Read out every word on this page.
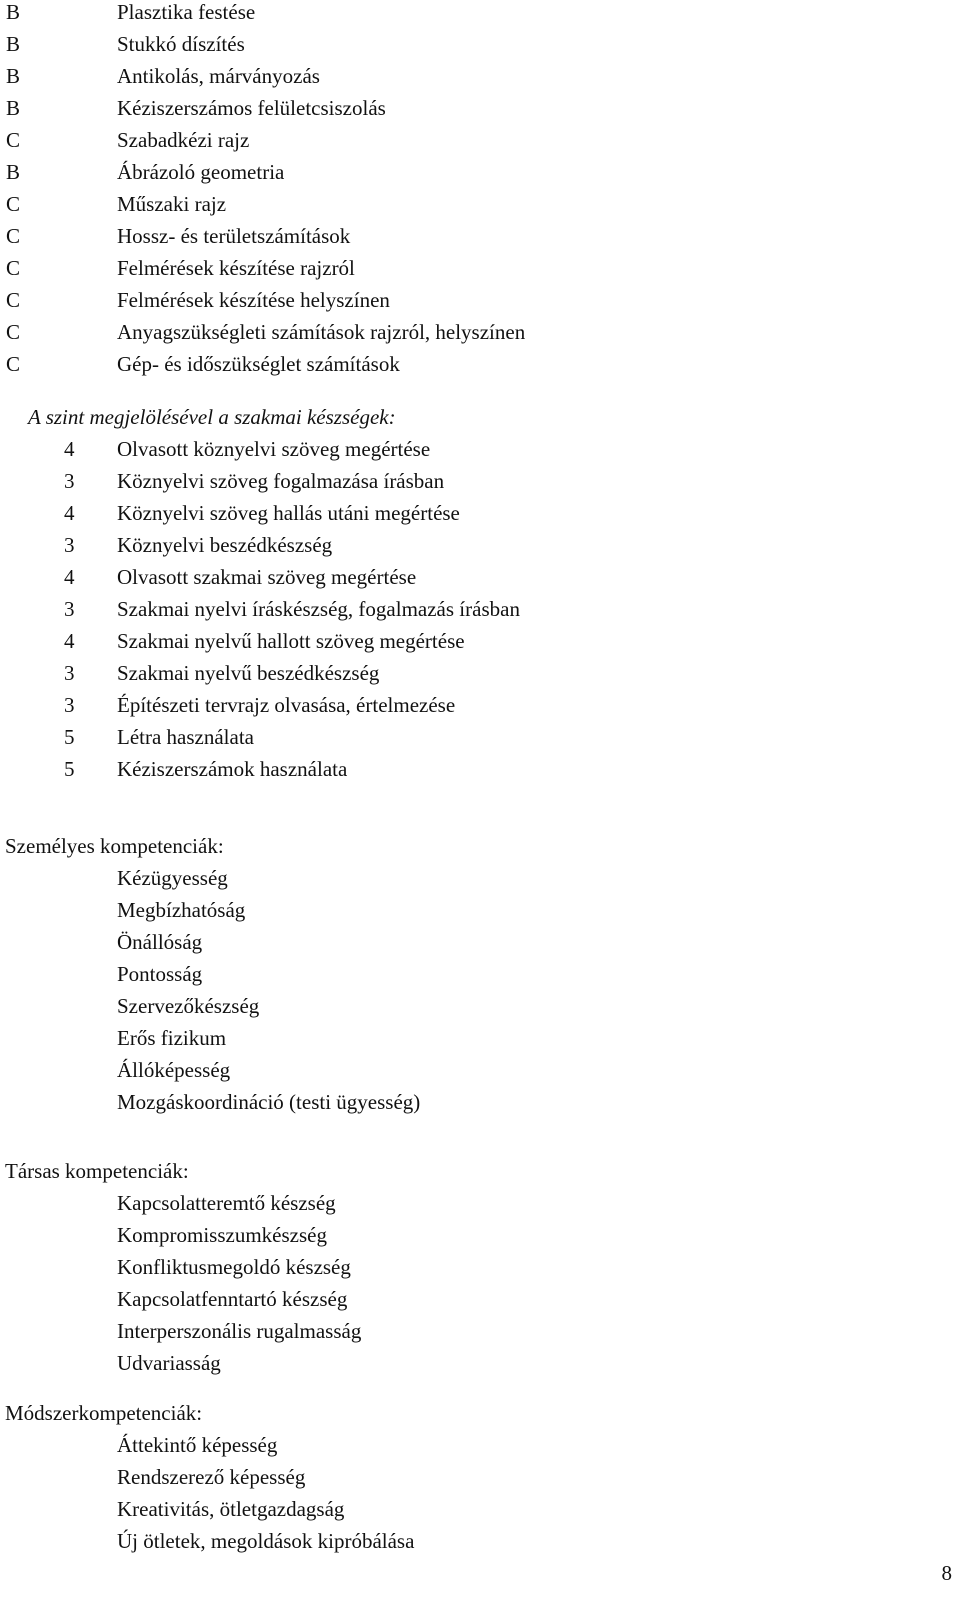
B	Plasztika festése
B	Stukkó díszítés
B	Antikolás, márványozás
B	Kéziszerszámos felületcsiszolás
C	Szabadkézi rajz
B	Ábrázoló geometria
C	Műszaki rajz
C	Hossz- és területszámítások
C	Felmérések készítése rajzról
C	Felmérések készítése helyszínen
C	Anyagszükségleti számítások rajzról, helyszínen
C	Gép- és időszükséglet számítások
A szint megjelölésével a szakmai készségek:
4 Olvasott köznyelvi szöveg megértése
3 Köznyelvi szöveg fogalmazása írásban
4 Köznyelvi szöveg hallás utáni megértése
3 Köznyelvi beszédkészség
4 Olvasott szakmai szöveg megértése
3 Szakmai nyelvi íráskészség, fogalmazás írásban
4 Szakmai nyelvű hallott szöveg megértése
3 Szakmai nyelvű beszédkészség
3 Építészeti tervrajz olvasása, értelmezése
5 Létra használata
5 Kéziszerszámok használata
Személyes kompetenciák:
Kézügyesség
Megbízhatóság
Önállóság
Pontosság
Szervezőkészség
Erős fizikum
Állóképesség
Mozgáskoordináció (testi ügyesség)
Társas kompetenciák:
Kapcsolatteremtő készség
Kompromisszumkészség
Konfliktusmegoldó készség
Kapcsolatfenntartó készség
Interperszonális rugalmasság
Udvariasság
Módszerkompetenciák:
Áttekintő képesség
Rendszerező képesség
Kreativitás, ötletgazdagság
Új ötletek, megoldások kipróbálása
8
